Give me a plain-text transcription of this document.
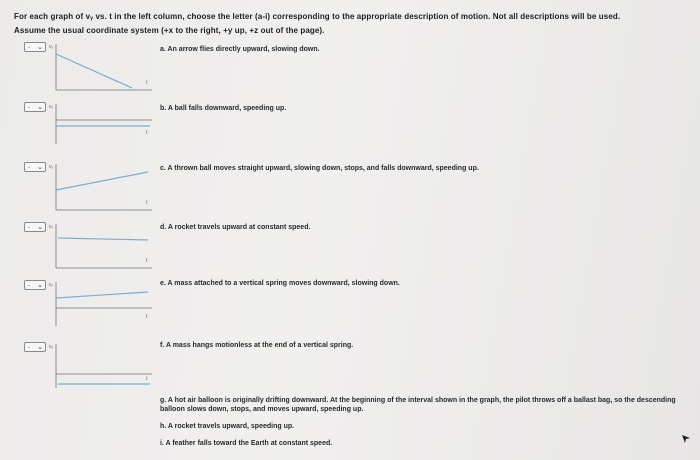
For each graph of vᵧ vs. t in the left column, choose the letter (a-i) corresponding to the appropriate description of motion. Not all descriptions will be used.
Assume the usual coordinate system (+x to the right, +y up, +z out of the page).
- ⌄ vᵧ
t
a. An arrow flies directly upward, slowing down.
- ⌄ vᵧ
t
b. A ball falls downward, speeding up.
- ⌄ vᵧ
t
c. A thrown ball moves straight upward, slowing down, stops, and falls downward, speeding up.
- ⌄ vᵧ
t
d. A rocket travels upward at constant speed.
- ⌄ vᵧ
t
e. A mass attached to a vertical spring moves downward, slowing down.
- ⌄ vᵧ
t
f. A mass hangs motionless at the end of a vertical spring.
g. A hot air balloon is originally drifting downward. At the beginning of the interval shown in the graph, the pilot throws off a ballast bag, so the descending balloon slows down, stops, and moves upward, speeding up.
h. A rocket travels upward, speeding up.
i. A feather falls toward the Earth at constant speed.
